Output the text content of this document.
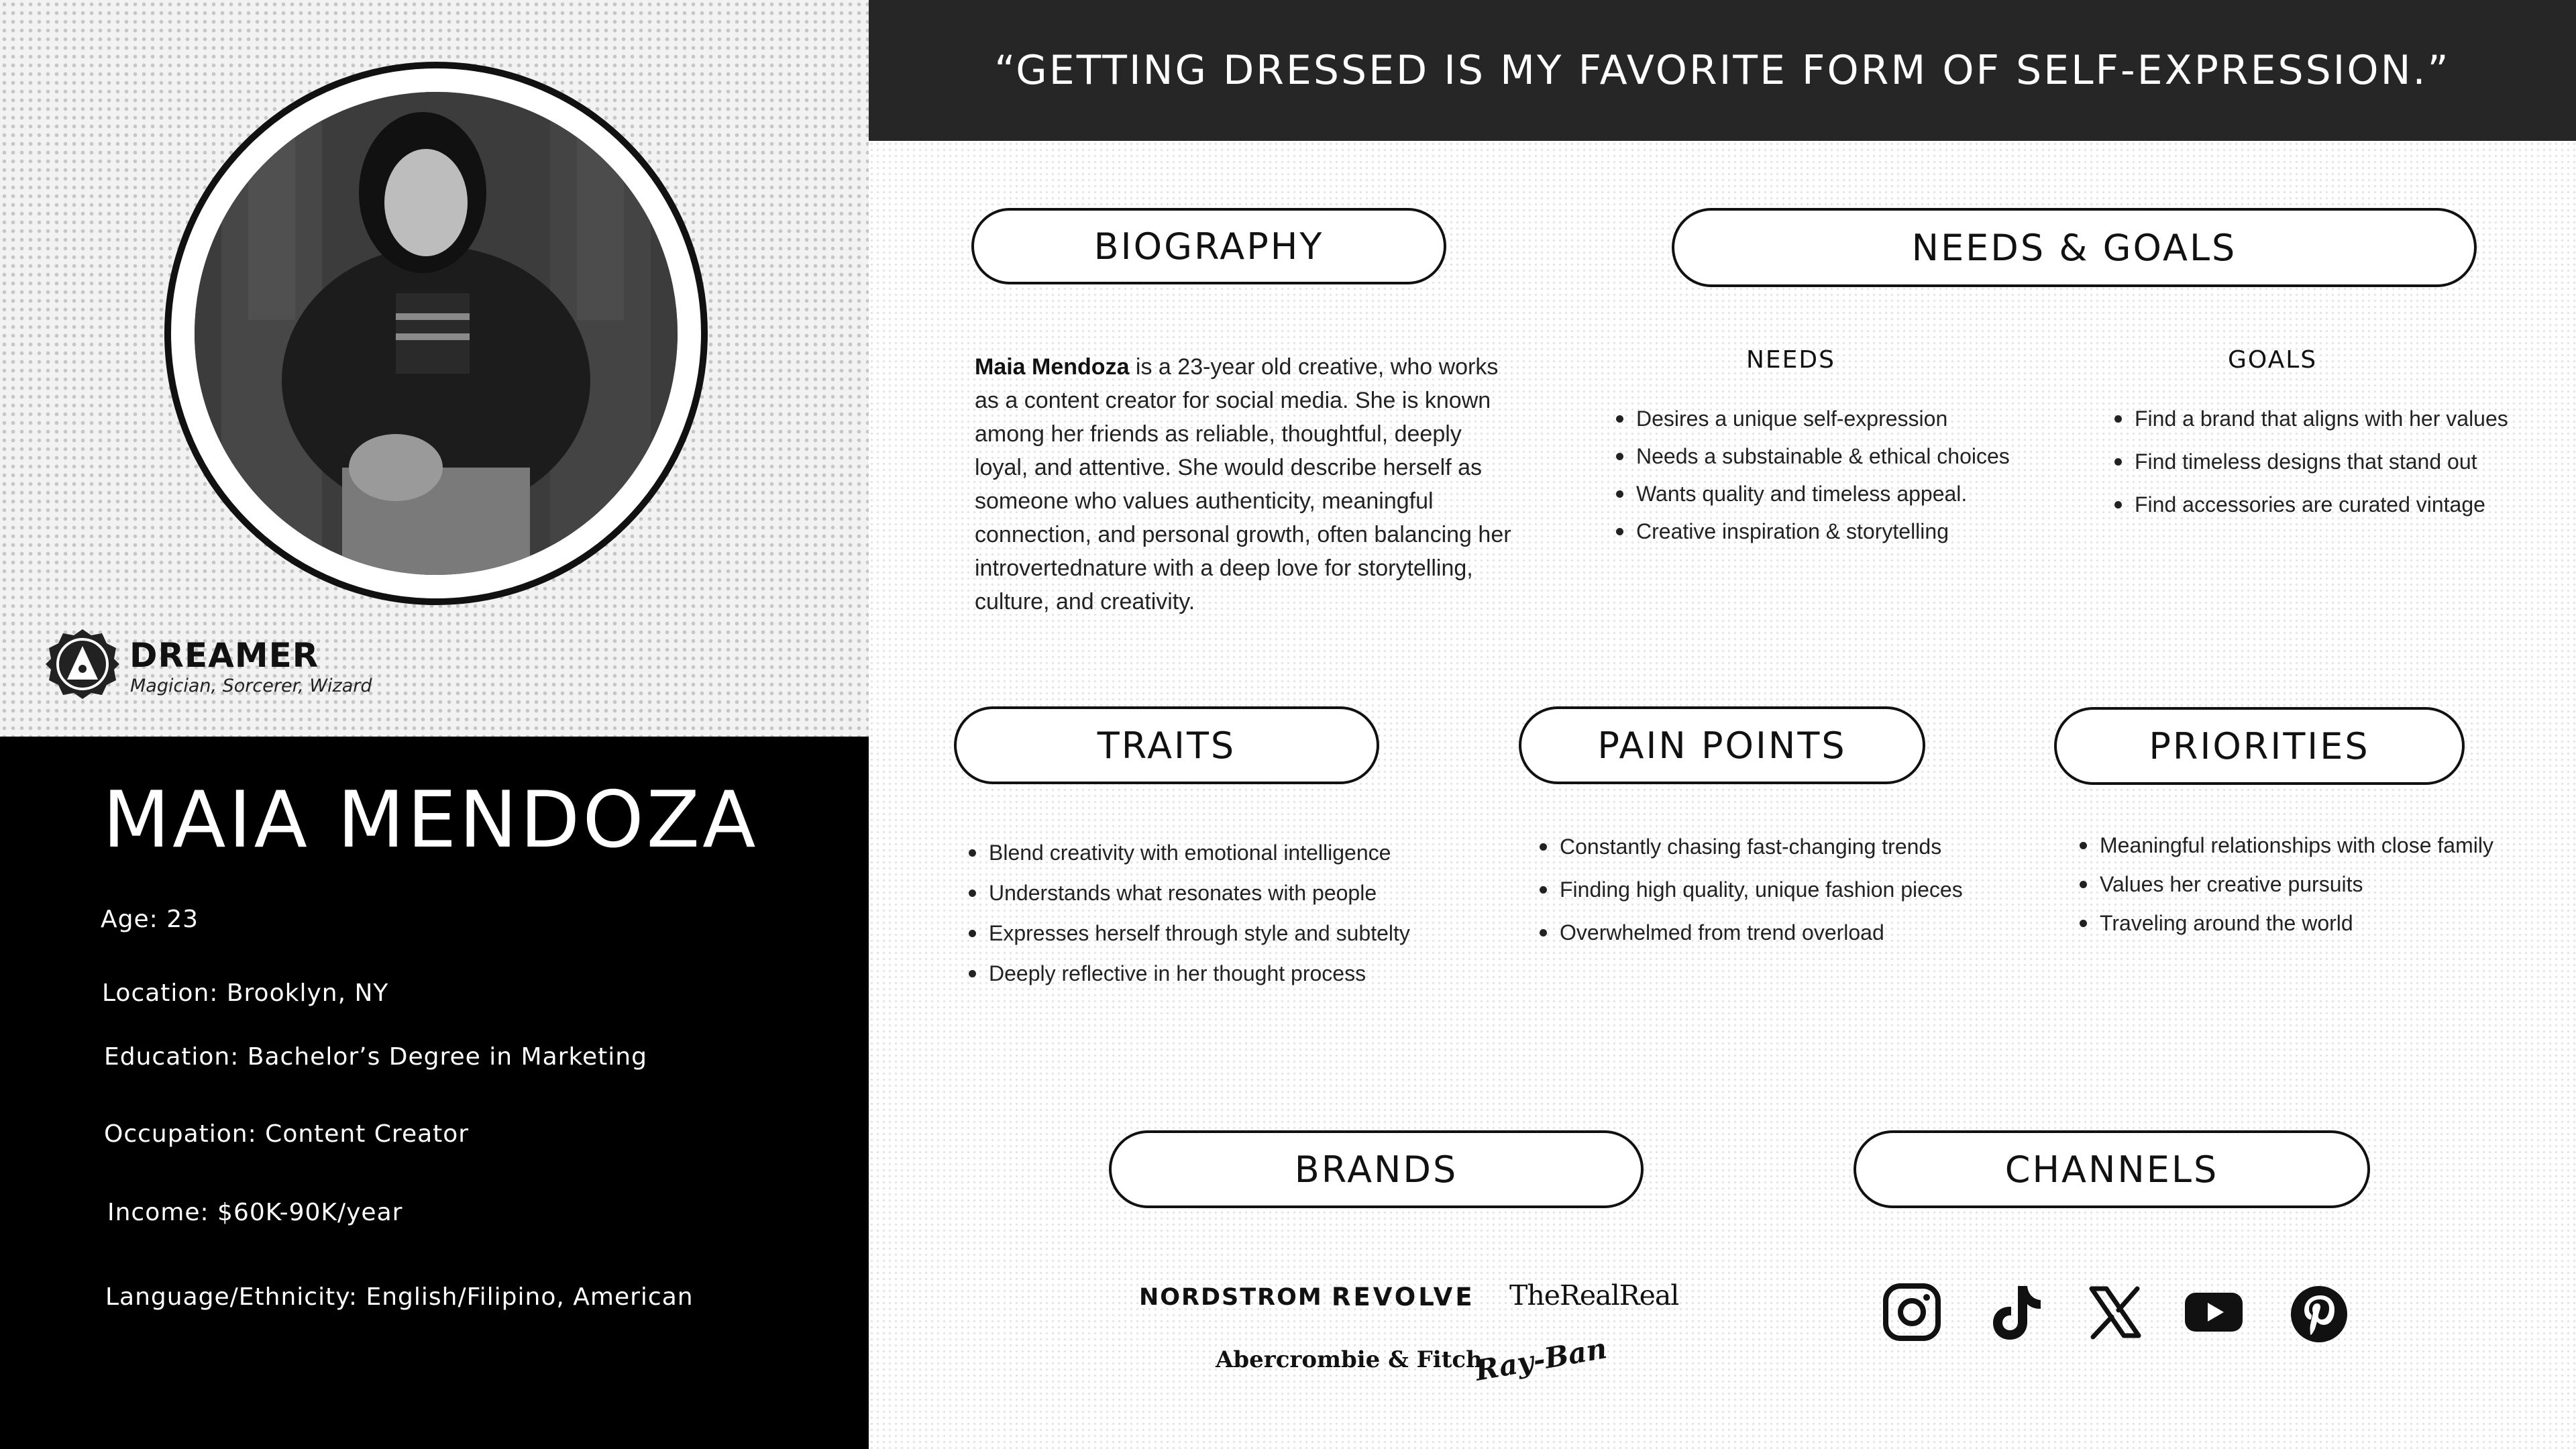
DREAMER
Magician, Sorcerer, Wizard
MAIA MENDOZA
Age: 23
Location: Brooklyn, NY
Education: Bachelor’s Degree in Marketing
Occupation: Content Creator
Income: $60K-90K/year
Language/Ethnicity: English/Filipino, American
“GETTING DRESSED IS MY FAVORITE FORM OF SELF-EXPRESSION.”
BIOGRAPHY
Maia Mendoza is a 23-year old creative, who works as a content creator for social media. She is known among her friends as reliable, thoughtful, deeply loyal, and attentive. She would describe herself as someone who values authenticity, meaningful connection, and personal growth, often balancing her introvertednature with a deep love for storytelling, culture, and creativity.
NEEDS & GOALS
NEEDS	GOALS
Desires a unique self-expression
Needs a substainable & ethical choices
Wants quality and timeless appeal.
Creative inspiration & storytelling
Find a brand that aligns with her values
Find timeless designs that stand out
Find accessories are curated vintage
TRAITS
Blend creativity with emotional intelligence
Understands what resonates with people
Expresses herself through style and subtelty
Deeply reflective in her thought process
PAIN POINTS
Constantly chasing fast-changing trends
Finding high quality, unique fashion pieces
Overwhelmed from trend overload
PRIORITIES
Meaningful relationships with close family
Values her creative pursuits
Traveling around the world
BRANDS
NORDSTROM REVOLVE TheRealReal
Abercrombie & Fitch
Ray-Ban
CHANNELS
